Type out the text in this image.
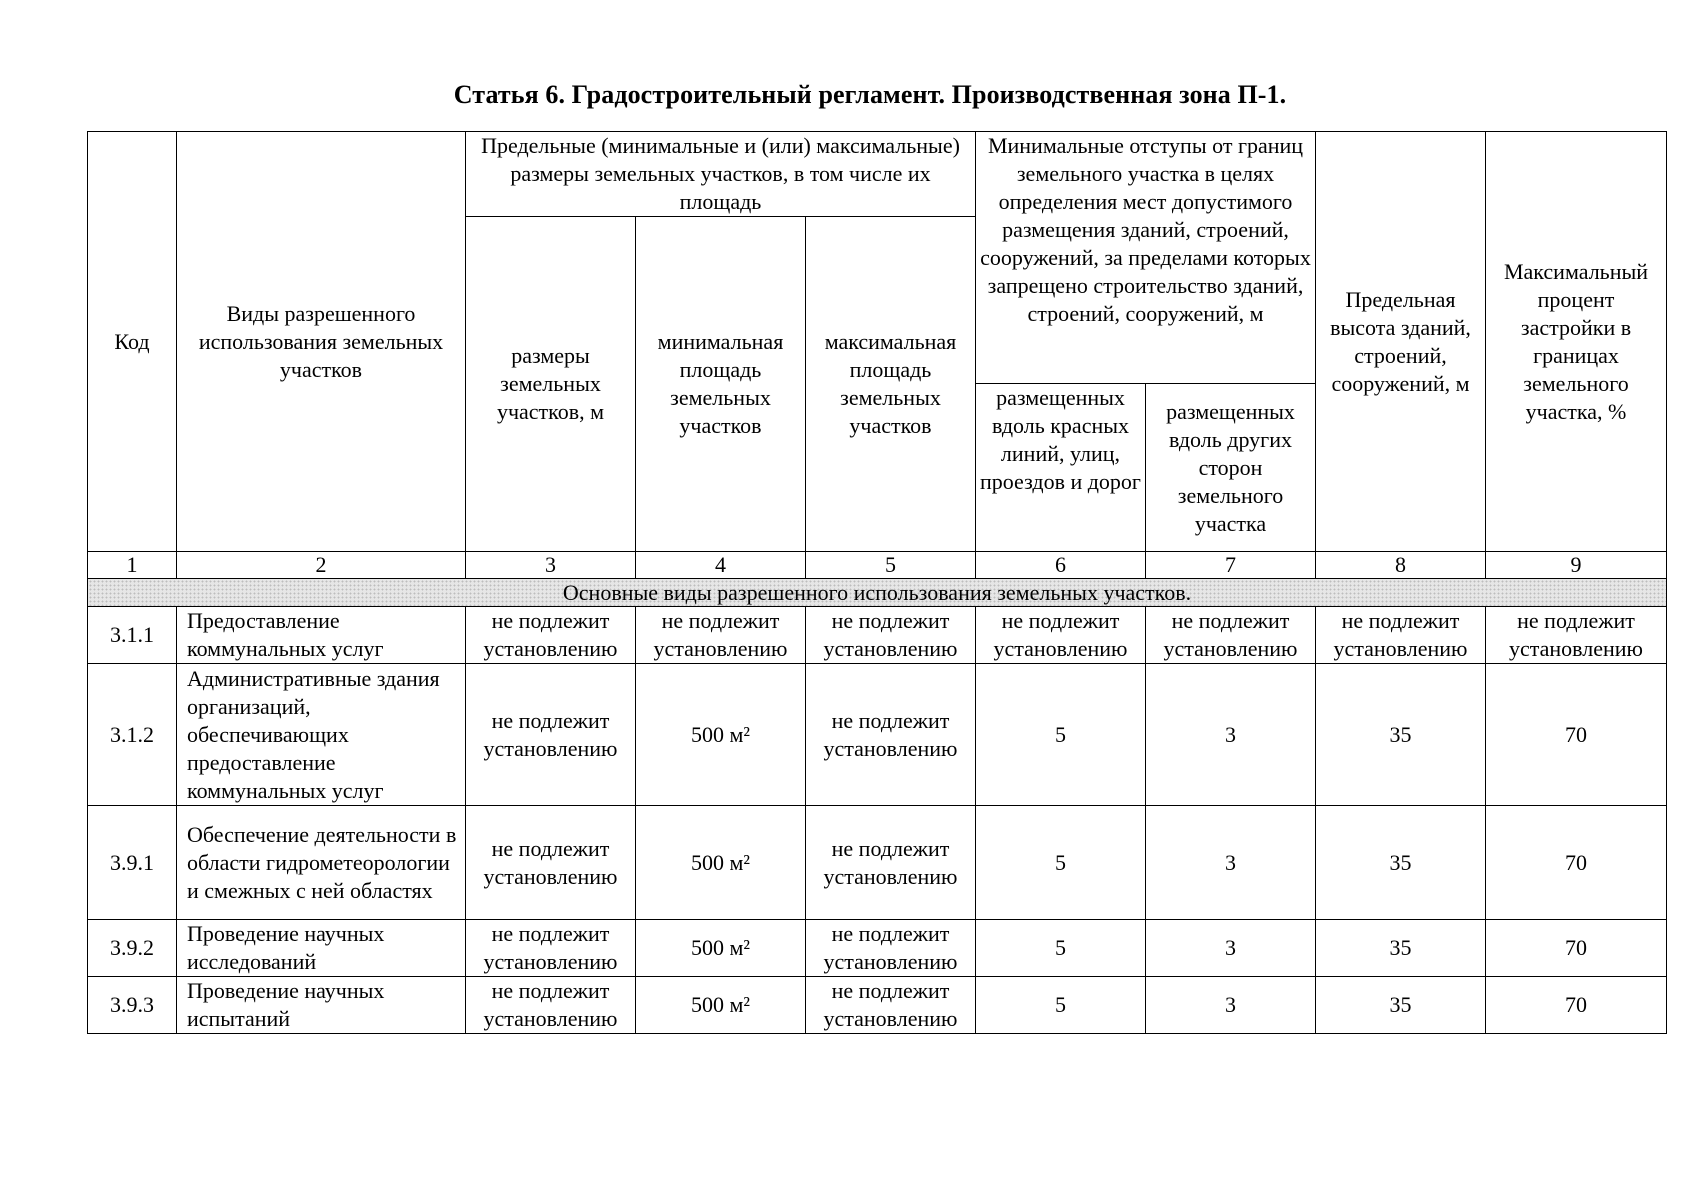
Статья 6. Градостроительный регламент. Производственная зона П-1.
Код	Виды разрешенного использования земельных участков	Предельные (минимальные и (или) максимальные) размеры земельных участков, в том числе их площадь			Минимальные отступы от границ земельного участка в целях определения мест допустимого размещения зданий, строений, сооружений, за пределами которых запрещено строительство зданий, строений, сооружений, м		Предельная высота зданий, строений, сооружений, м	Максимальный процент застройки в границах земельного участка, %
		размеры земельных участков, м	минимальная площадь земельных участков	максимальная площадь земельных участков				
					размещенных вдоль красных линий, улиц, проездов и дорог	размещенных вдоль других сторон земельного участка		
1	2	3	4	5	6	7	8	9
Основные виды разрешенного использования земельных участков.								
3.1.1	Предоставление коммунальных услуг	не подлежит установлению	не подлежит установлению	не подлежит установлению	не подлежит установлению	не подлежит установлению	не подлежит установлению	не подлежит установлению
3.1.2	Административные здания организаций, обеспечивающих предоставление коммунальных услуг	не подлежит установлению	500 м²	не подлежит установлению	5	3	35	70
3.9.1	Обеспечение деятельности в области гидрометеорологии и смежных с ней областях	не подлежит установлению	500 м²	не подлежит установлению	5	3	35	70
3.9.2	Проведение научных исследований	не подлежит установлению	500 м²	не подлежит установлению	5	3	35	70
3.9.3	Проведение научных испытаний	не подлежит установлению	500 м²	не подлежит установлению	5	3	35	70
